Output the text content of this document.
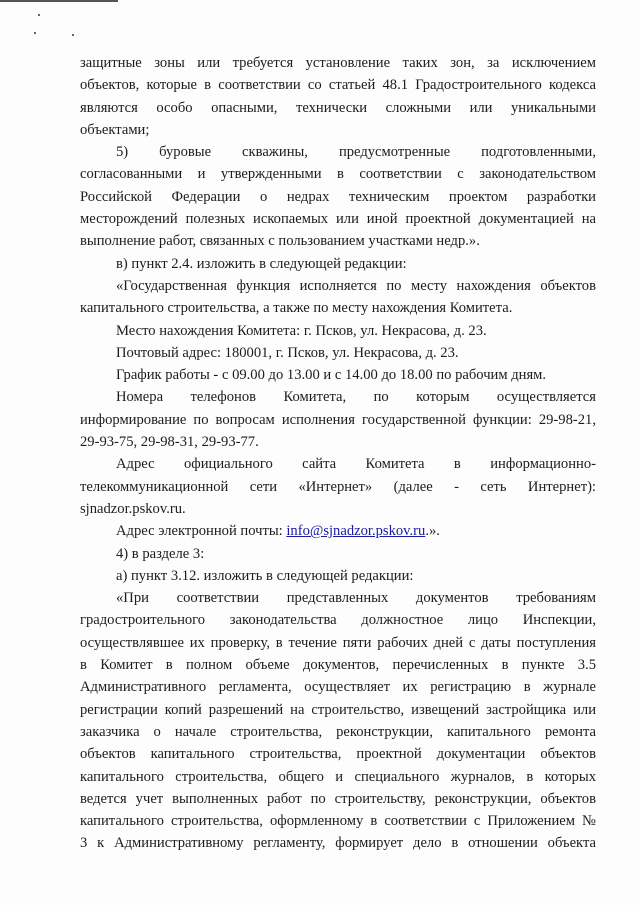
защитные зоны или требуется установление таких зон, за исключением

объектов, которые в соответствии со статьей 48.1 Градостроительного кодекса

являются особо опасными, технически сложными или уникальными

объектами;

5) буровые скважины, предусмотренные подготовленными,

согласованными и утвержденными в соответствии с законодательством

Российской Федерации о недрах техническим проектом разработки

месторождений полезных ископаемых или иной проектной документацией на

выполнение работ, связанных с пользованием участками недр.».

в) пункт 2.4. изложить в следующей редакции:

«Государственная функция исполняется по месту нахождения объектов

капитального строительства, а также по месту нахождения Комитета.

Место нахождения Комитета: г. Псков, ул. Некрасова, д. 23.

Почтовый адрес: 180001, г. Псков, ул. Некрасова, д. 23.

График работы - с 09.00 до 13.00 и с 14.00 до 18.00 по рабочим дням.

Номера телефонов Комитета, по которым осуществляется

информирование по вопросам исполнения государственной функции: 29-98-21,

29-93-75, 29-98-31, 29-93-77.

Адрес официального сайта Комитета в информационно-

телекоммуникационной сети «Интернет» (далее - сеть Интернет):

sjnadzor.pskov.ru.

Адрес электронной почты: info@sjnadzor.pskov.ru.».

4) в разделе 3:

а) пункт 3.12. изложить в следующей редакции:

«При соответствии представленных документов требованиям

градостроительного законодательства должностное лицо Инспекции,

осуществлявшее их проверку, в течение пяти рабочих дней с даты поступления

в Комитет в полном объеме документов, перечисленных в пункте 3.5

Административного регламента, осуществляет их регистрацию в журнале

регистрации копий разрешений на строительство, извещений застройщика или

заказчика о начале строительства, реконструкции, капитального ремонта

объектов капитального строительства, проектной документации объектов

капитального строительства, общего и специального журналов, в которых

ведется учет выполненных работ по строительству, реконструкции, объектов

капитального строительства, оформленному в соответствии с Приложением №

3 к Административному регламенту, формирует дело в отношении объекта
